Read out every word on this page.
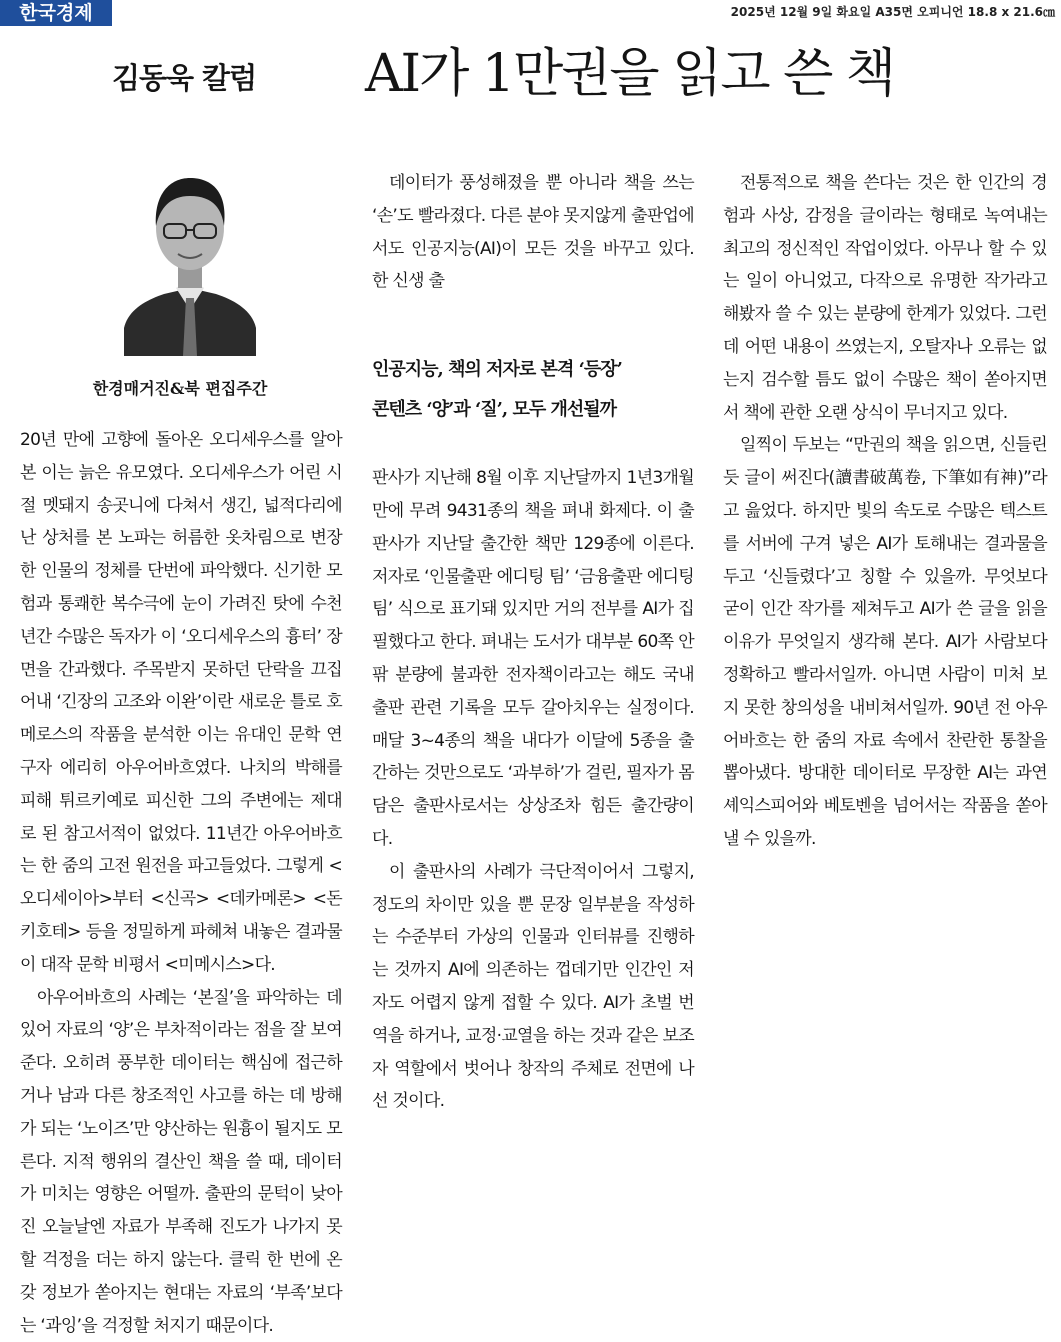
한국경제	2025년 12월 9일 화요일 A35면 오피니언 18.8 x 21.6㎝
김동욱 칼럼	AI가 1만권을 읽고 쓴 책
한경매거진&북 편집주간

20년 만에 고향에 돌아온 오디세우스를 알아본 이는 늙은 유모였다. 오디세우스가 어린 시절 멧돼지 송곳니에 다쳐서 생긴, 넓적다리에 난 상처를 본 노파는 허름한 옷차림으로 변장한 인물의 정체를 단번에 파악했다. 신기한 모험과 통쾌한 복수극에 눈이 가려진 탓에 수천년간 수많은 독자가 이 ‘오디세우스의 흉터’ 장면을 간과했다. 주목받지 못하던 단락을 끄집어내 ‘긴장의 고조와 이완’이란 새로운 틀로 호메로스의 작품을 분석한 이는 유대인 문학 연구자 에리히 아우어바흐였다. 나치의 박해를 피해 튀르키예로 피신한 그의 주변에는 제대로 된 참고서적이 없었다. 11년간 아우어바흐는 한 줌의 고전 원전을 파고들었다. 그렇게 <오디세이아>부터 <신곡> <데카메론> <돈키호테> 등을 정밀하게 파헤쳐 내놓은 결과물이 대작 문학 비평서 <미메시스>다.

아우어바흐의 사례는 ‘본질’을 파악하는 데 있어 자료의 ‘양’은 부차적이라는 점을 잘 보여준다. 오히려 풍부한 데이터는 핵심에 접근하거나 남과 다른 창조적인 사고를 하는 데 방해가 되는 ‘노이즈’만 양산하는 원흉이 될지도 모른다. 지적 행위의 결산인 책을 쓸 때, 데이터가 미치는 영향은 어떨까. 출판의 문턱이 낮아진 오늘날엔 자료가 부족해 진도가 나가지 못할 걱정을 더는 하지 않는다. 클릭 한 번에 온갖 정보가 쏟아지는 현대는 자료의 ‘부족’보다는 ‘과잉’을 걱정할 처지기 때문이다.

데이터가 풍성해졌을 뿐 아니라 책을 쓰는 ‘손’도 빨라졌다. 다른 분야 못지않게 출판업에서도 인공지능(AI)이 모든 것을 바꾸고 있다. 한 신생 출

인공지능, 책의 저자로 본격 ‘등장’
콘텐츠 ‘양’과 ‘질’, 모두 개선될까

판사가 지난해 8월 이후 지난달까지 1년3개월 만에 무려 9431종의 책을 펴내 화제다. 이 출판사가 지난달 출간한 책만 129종에 이른다. 저자로 ‘인물출판 에디팅 팀’ ‘금융출판 에디팅 팀’ 식으로 표기돼 있지만 거의 전부를 AI가 집필했다고 한다. 펴내는 도서가 대부분 60쪽 안팎 분량에 불과한 전자책이라고는 해도 국내 출판 관련 기록을 모두 갈아치우는 실정이다. 매달 3~4종의 책을 내다가 이달에 5종을 출간하는 것만으로도 ‘과부하’가 걸린, 필자가 몸담은 출판사로서는 상상조차 힘든 출간량이다.

이 출판사의 사례가 극단적이어서 그렇지, 정도의 차이만 있을 뿐 문장 일부분을 작성하는 수준부터 가상의 인물과 인터뷰를 진행하는 것까지 AI에 의존하는 껍데기만 인간인 저자도 어렵지 않게 접할 수 있다. AI가 초벌 번역을 하거나, 교정·교열을 하는 것과 같은 보조자 역할에서 벗어나 창작의 주체로 전면에 나선 것이다.

전통적으로 책을 쓴다는 것은 한 인간의 경험과 사상, 감정을 글이라는 형태로 녹여내는 최고의 정신적인 작업이었다. 아무나 할 수 있는 일이 아니었고, 다작으로 유명한 작가라고 해봤자 쓸 수 있는 분량에 한계가 있었다. 그런데 어떤 내용이 쓰였는지, 오탈자나 오류는 없는지 검수할 틈도 없이 수많은 책이 쏟아지면서 책에 관한 오랜 상식이 무너지고 있다.

일찍이 두보는 “만권의 책을 읽으면, 신들린 듯 글이 써진다(讀書破萬卷, 下筆如有神)”라고 읊었다. 하지만 빛의 속도로 수많은 텍스트를 서버에 구겨 넣은 AI가 토해내는 결과물을 두고 ‘신들렸다’고 칭할 수 있을까. 무엇보다 굳이 인간 작가를 제쳐두고 AI가 쓴 글을 읽을 이유가 무엇일지 생각해 본다. AI가 사람보다 정확하고 빨라서일까. 아니면 사람이 미처 보지 못한 창의성을 내비쳐서일까. 90년 전 아우어바흐는 한 줌의 자료 속에서 찬란한 통찰을 뽑아냈다. 방대한 데이터로 무장한 AI는 과연 셰익스피어와 베토벤을 넘어서는 작품을 쏟아낼 수 있을까.
